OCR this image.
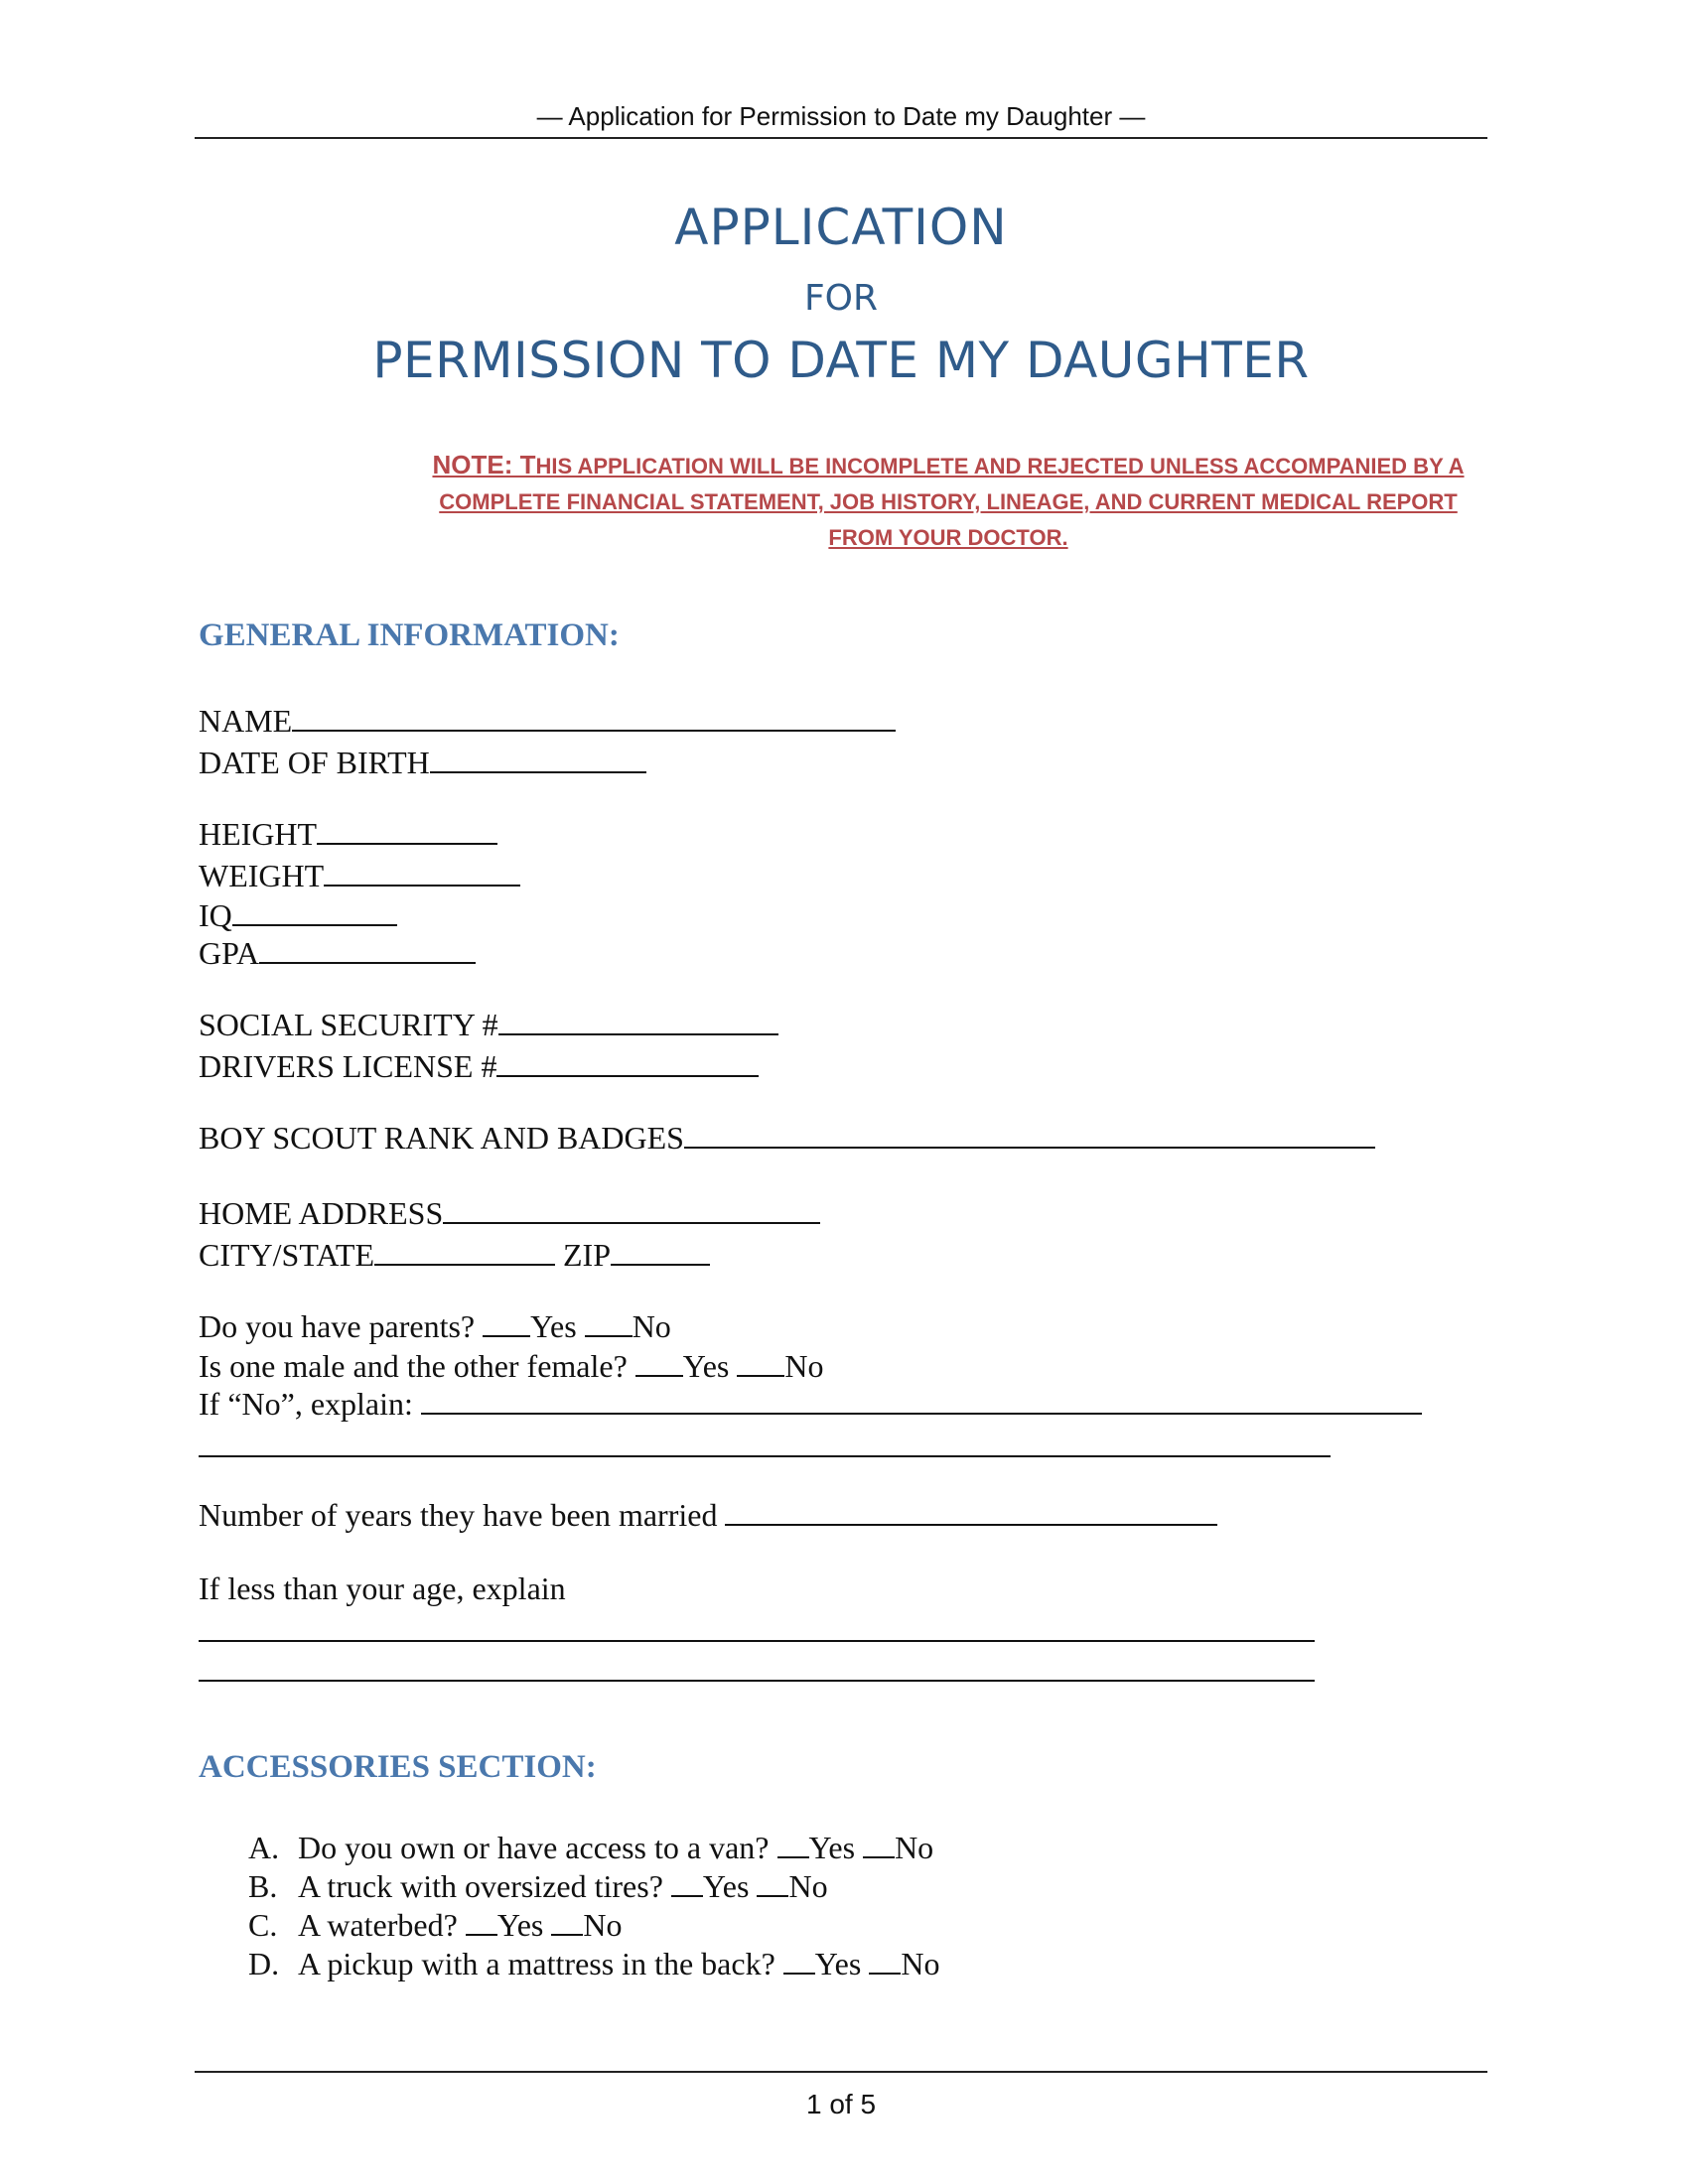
— Application for Permission to Date my Daughter —
APPLICATION
FOR
PERMISSION TO DATE MY DAUGHTER
NOTE: THIS APPLICATION WILL BE INCOMPLETE AND REJECTED UNLESS ACCOMPANIED BY A COMPLETE FINANCIAL STATEMENT, JOB HISTORY, LINEAGE, AND CURRENT MEDICAL REPORT FROM YOUR DOCTOR.
GENERAL INFORMATION:
NAME
DATE OF BIRTH
HEIGHT
WEIGHT
IQ
GPA
SOCIAL SECURITY #
DRIVERS LICENSE #
BOY SCOUT RANK AND BADGES
HOME ADDRESS
CITY/STATE	ZIP
Do you have parents? Yes No
Is one male and the other female? Yes No
If “No”, explain:
Number of years they have been married
If less than your age, explain
ACCESSORIES SECTION:
A. Do you own or have access to a van?
Yes
No
B. A truck with oversized tires?
Yes
No
C. A waterbed?
Yes
No
D. A pickup with a mattress in the back?
Yes
No
1 of 5
